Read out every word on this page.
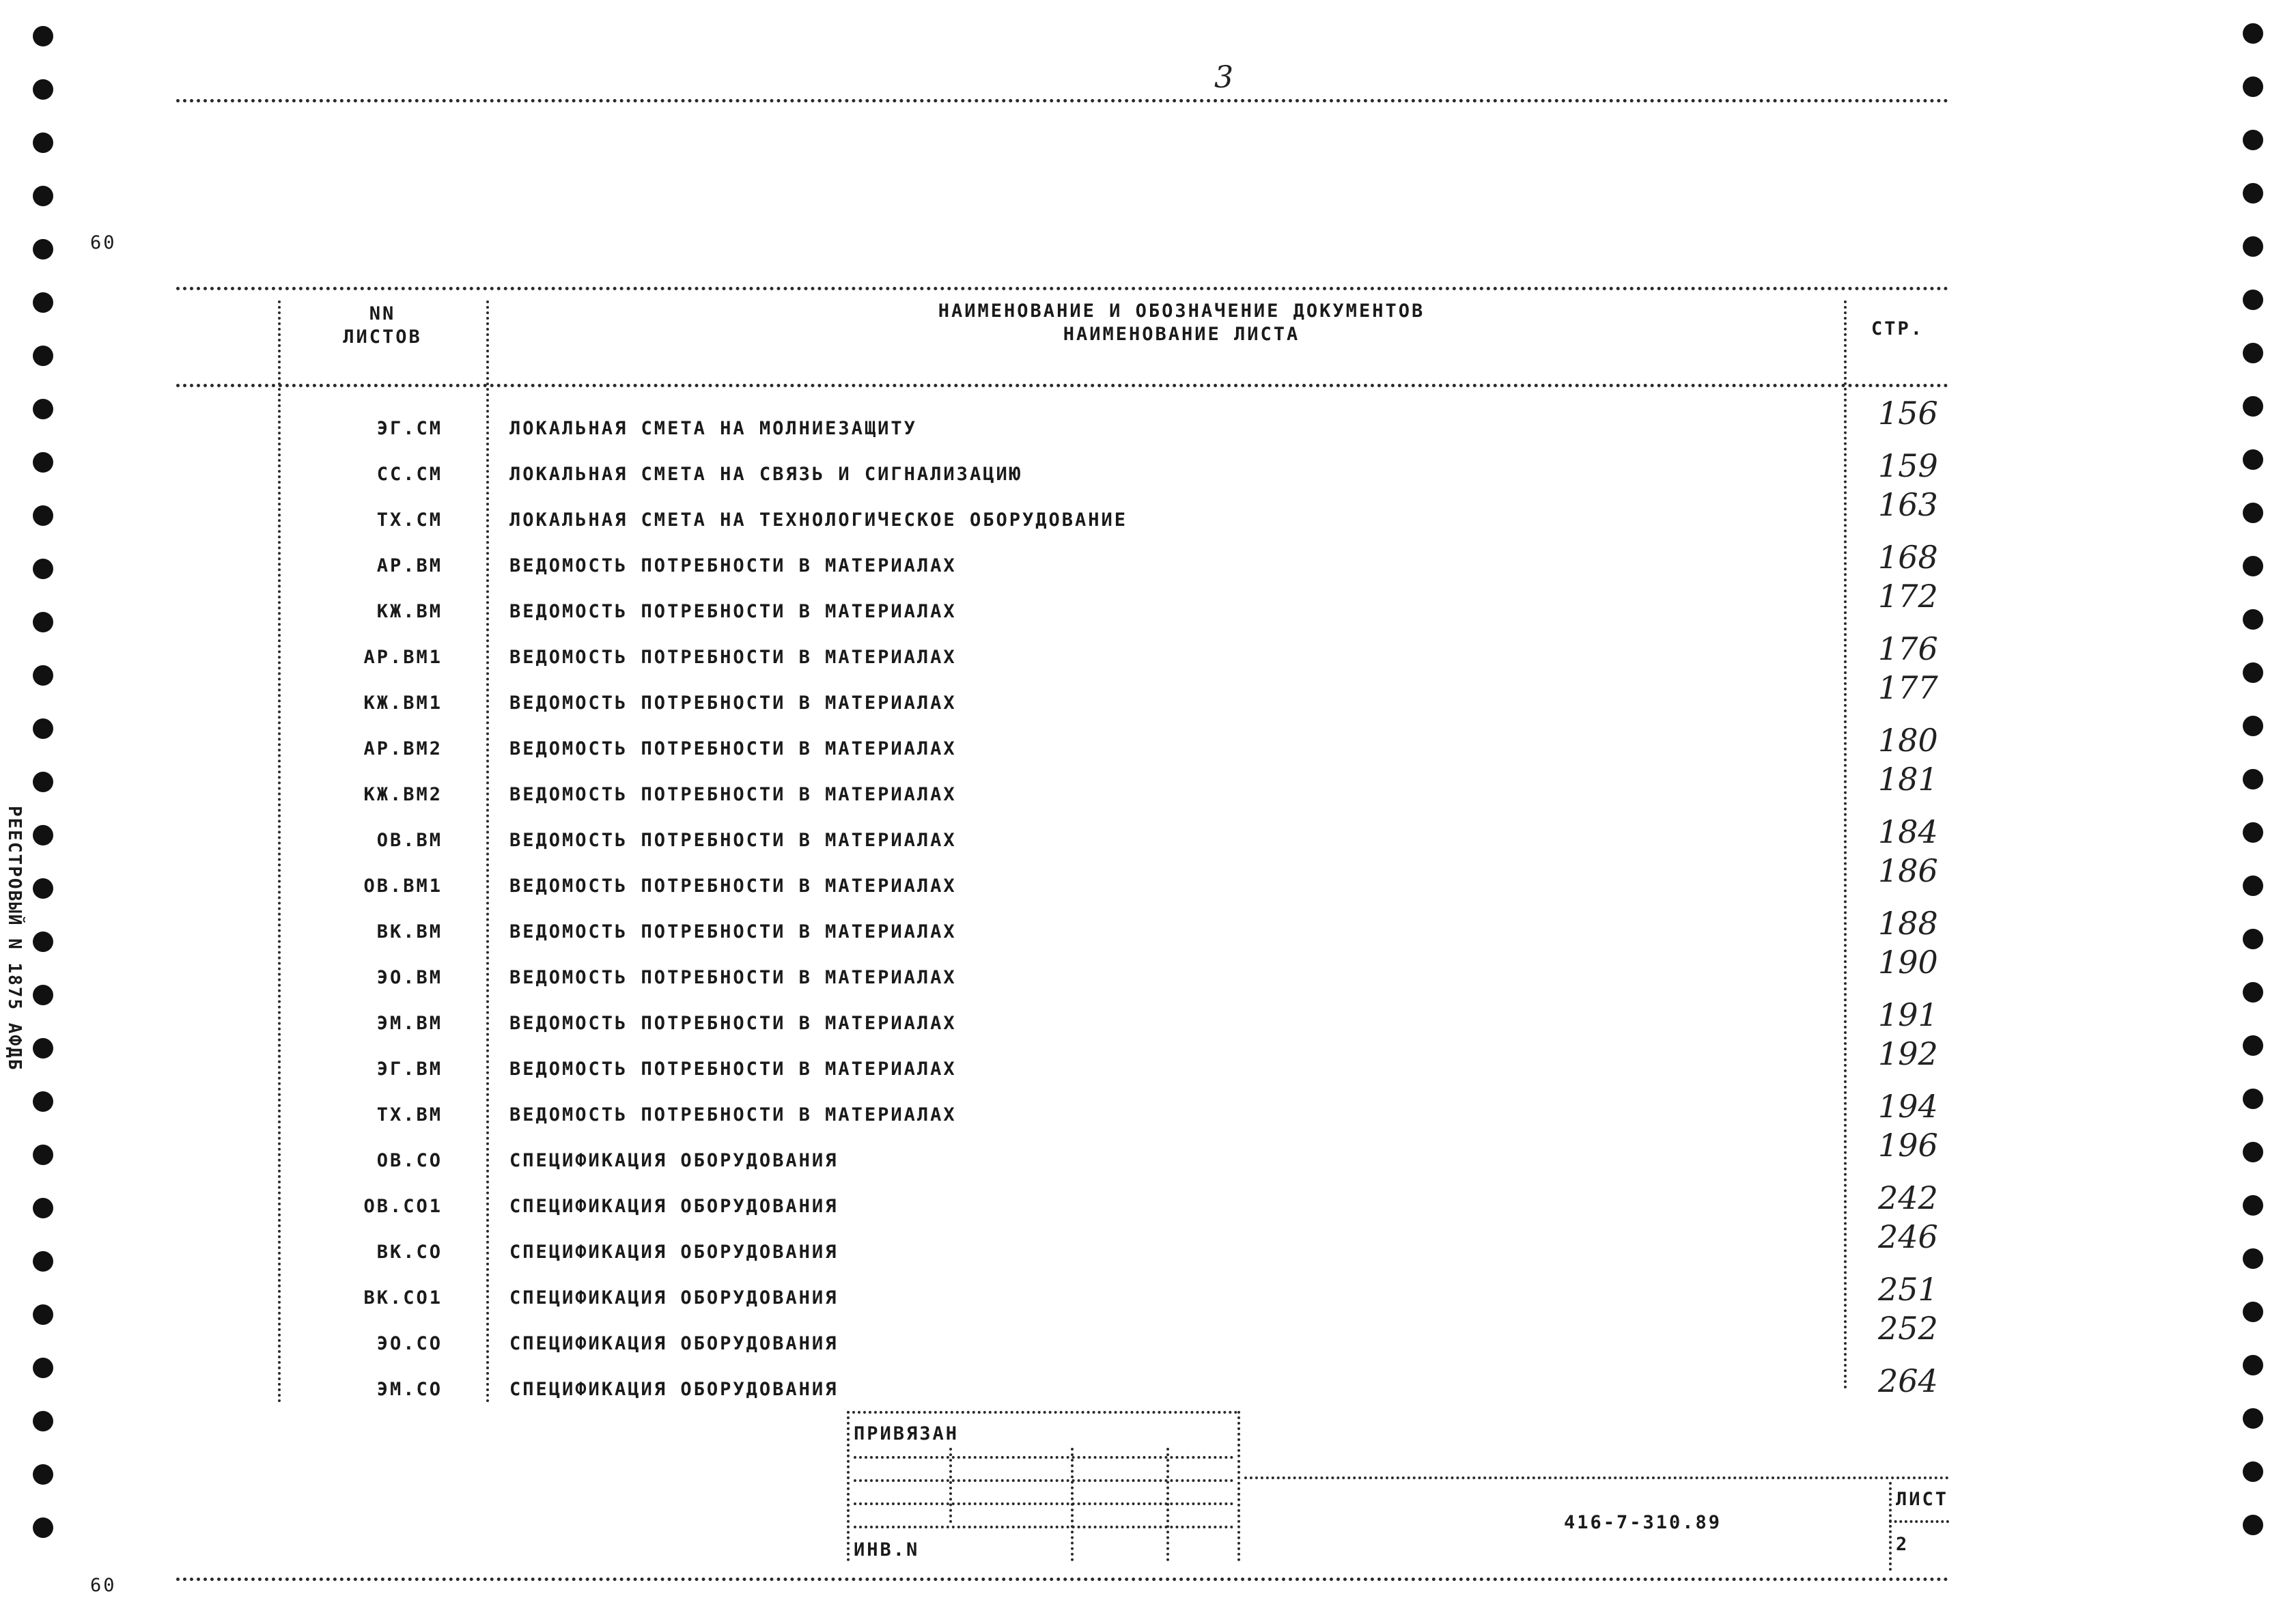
60
60
РЕЕСТРОВЫЙ N 1875 АФДБ
3
NN
ЛИСТОВ
НАИМЕНОВАНИЕ И ОБОЗНАЧЕНИЕ ДОКУМЕНТОВ
НАИМЕНОВАНИЕ ЛИСТА	СТР.
ЭГ.СМ	ЛОКАЛЬНАЯ СМЕТА НА МОЛНИЕЗАЩИТУ	156
СС.СМ	ЛОКАЛЬНАЯ СМЕТА НА СВЯЗЬ И СИГНАЛИЗАЦИЮ	159
ТХ.СМ	ЛОКАЛЬНАЯ СМЕТА НА ТЕХНОЛОГИЧЕСКОЕ ОБОРУДОВАНИЕ	163
АР.ВМ	ВЕДОМОСТЬ ПОТРЕБНОСТИ В МАТЕРИАЛАХ	168
КЖ.ВМ	ВЕДОМОСТЬ ПОТРЕБНОСТИ В МАТЕРИАЛАХ	172
АР.ВМ1	ВЕДОМОСТЬ ПОТРЕБНОСТИ В МАТЕРИАЛАХ	176
КЖ.ВМ1	ВЕДОМОСТЬ ПОТРЕБНОСТИ В МАТЕРИАЛАХ	177
АР.ВМ2	ВЕДОМОСТЬ ПОТРЕБНОСТИ В МАТЕРИАЛАХ	180
КЖ.ВМ2	ВЕДОМОСТЬ ПОТРЕБНОСТИ В МАТЕРИАЛАХ	181
ОВ.ВМ	ВЕДОМОСТЬ ПОТРЕБНОСТИ В МАТЕРИАЛАХ	184
ОВ.ВМ1	ВЕДОМОСТЬ ПОТРЕБНОСТИ В МАТЕРИАЛАХ	186
ВК.ВМ	ВЕДОМОСТЬ ПОТРЕБНОСТИ В МАТЕРИАЛАХ	188
ЭО.ВМ	ВЕДОМОСТЬ ПОТРЕБНОСТИ В МАТЕРИАЛАХ	190
ЭМ.ВМ	ВЕДОМОСТЬ ПОТРЕБНОСТИ В МАТЕРИАЛАХ	191
ЭГ.ВМ	ВЕДОМОСТЬ ПОТРЕБНОСТИ В МАТЕРИАЛАХ	192
ТХ.ВМ	ВЕДОМОСТЬ ПОТРЕБНОСТИ В МАТЕРИАЛАХ	194
ОВ.СО	СПЕЦИФИКАЦИЯ ОБОРУДОВАНИЯ	196
ОВ.СО1	СПЕЦИФИКАЦИЯ ОБОРУДОВАНИЯ	242
ВК.СО	СПЕЦИФИКАЦИЯ ОБОРУДОВАНИЯ	246
ВК.СО1	СПЕЦИФИКАЦИЯ ОБОРУДОВАНИЯ	251
ЭО.СО	СПЕЦИФИКАЦИЯ ОБОРУДОВАНИЯ	252
ЭМ.СО	СПЕЦИФИКАЦИЯ ОБОРУДОВАНИЯ	264
ПРИВЯЗАН
ИНВ.N
416-7-310.89
ЛИСТ
2
